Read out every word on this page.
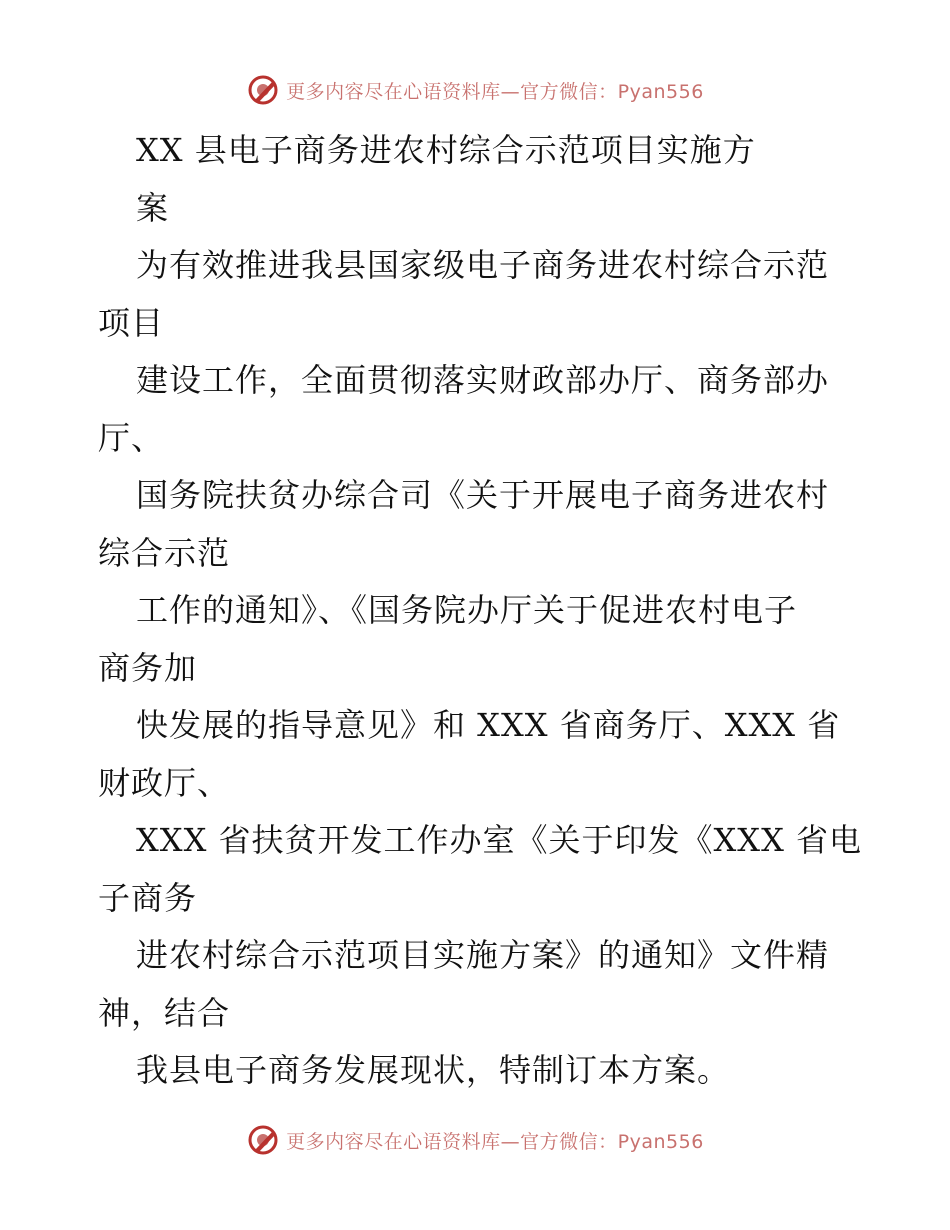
更多内容尽在心语资料库—官方微信：Pyan556
XX 县电子商务进农村综合示范项目实施方
案
为有效推进我县国家级电子商务进农村综合示范
项目
建设工作，全面贯彻落实财政部办厅、商务部办
厅、
国务院扶贫办综合司《关于开展电子商务进农村
综合示范
工作的通知》、《国务院办厅关于促进农村电子
商务加
快发展的指导意见》和 XXX 省商务厅、XXX 省
财政厅、
XXX 省扶贫开发工作办室《关于印发《XXX 省电
子商务
进农村综合示范项目实施方案》的通知》文件精
神，结合
我县电子商务发展现状，特制订本方案。
更多内容尽在心语资料库—官方微信：Pyan556
